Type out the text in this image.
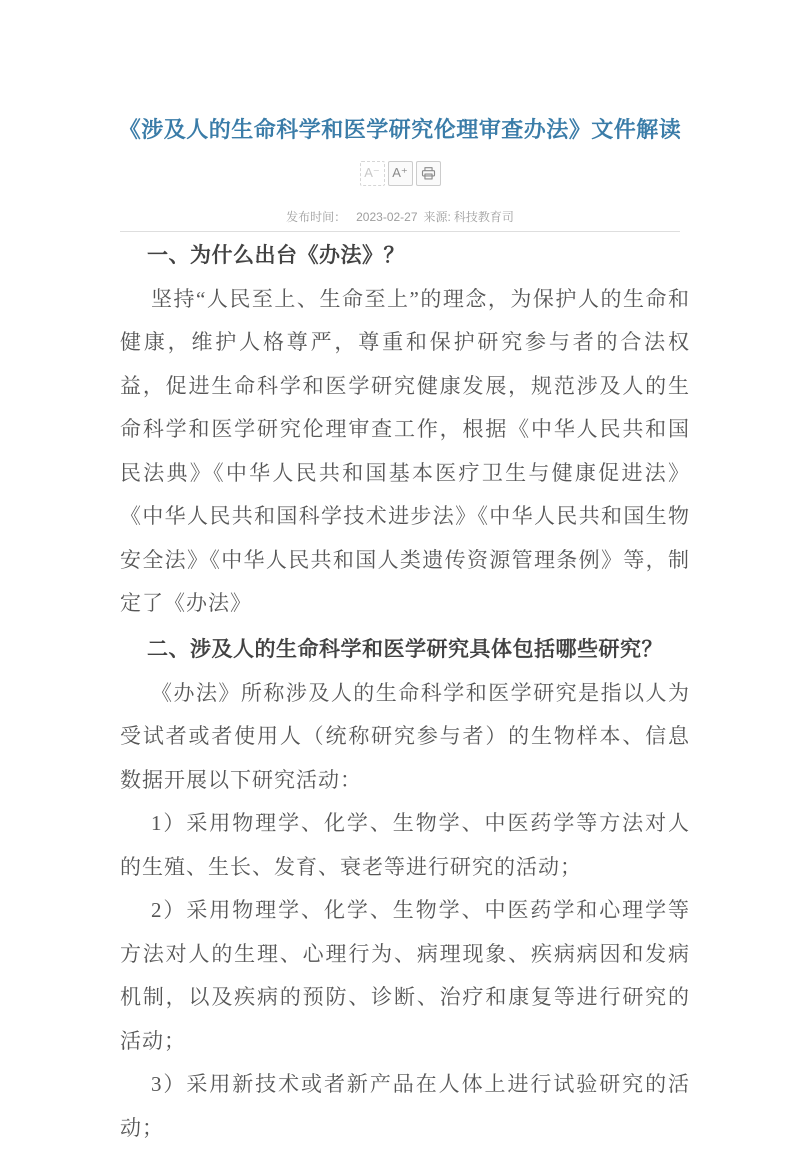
《涉及人的生命科学和医学研究伦理审查办法》文件解读
A⁻ A⁺
发布时间： 2023-02-27 来源: 科技教育司
一、为什么出台《办法》？

坚持“人民至上、生命至上”的理念，为保护人的生命和健康，维护人格尊严，尊重和保护研究参与者的合法权益，促进生命科学和医学研究健康发展，规范涉及人的生命科学和医学研究伦理审查工作，根据《中华人民共和国民法典》《中华人民共和国基本医疗卫生与健康促进法》《中华人民共和国科学技术进步法》《中华人民共和国生物安全法》《中华人民共和国人类遗传资源管理条例》等，制定了《办法》

二、涉及人的生命科学和医学研究具体包括哪些研究？

《办法》所称涉及人的生命科学和医学研究是指以人为受试者或者使用人（统称研究参与者）的生物样本、信息数据开展以下研究活动：

1）采用物理学、化学、生物学、中医药学等方法对人的生殖、生长、发育、衰老等进行研究的活动；

2）采用物理学、化学、生物学、中医药学和心理学等方法对人的生理、心理行为、病理现象、疾病病因和发病机制，以及疾病的预防、诊断、治疗和康复等进行研究的活动；

3）采用新技术或者新产品在人体上进行试验研究的活动；
